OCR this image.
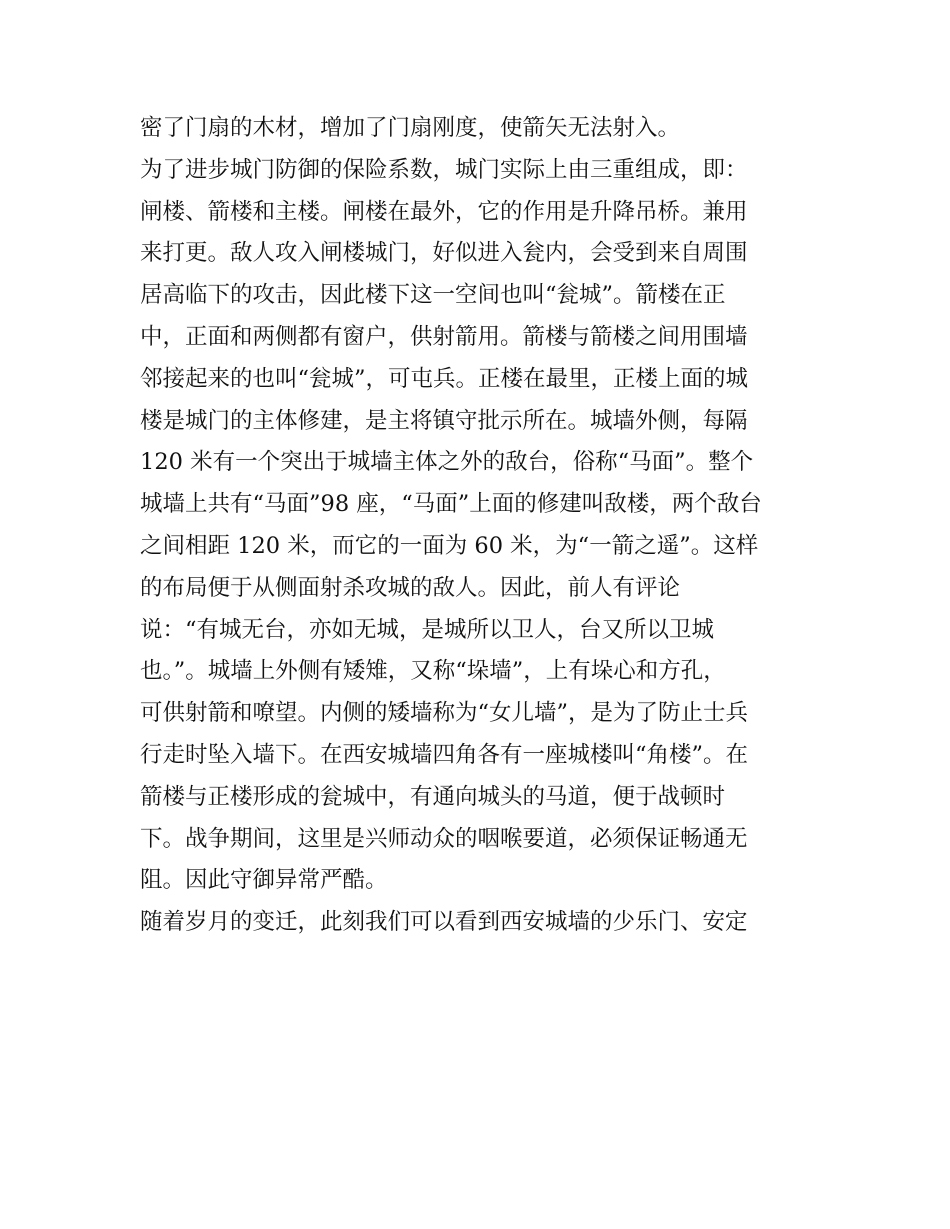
密了门扇的木材，增加了门扇刚度，使箭矢无法射入。
为了进步城门防御的保险系数，城门实际上由三重组成，即：
闸楼、箭楼和主楼。闸楼在最外，它的作用是升降吊桥。兼用
来打更。敌人攻入闸楼城门，好似进入瓮内，会受到来自周围
居高临下的攻击，因此楼下这一空间也叫“瓮城”。箭楼在正
中，正面和两侧都有窗户，供射箭用。箭楼与箭楼之间用围墙
邻接起来的也叫“瓮城”，可屯兵。正楼在最里，正楼上面的城
楼是城门的主体修建，是主将镇守批示所在。城墙外侧，每隔
120 米有一个突出于城墙主体之外的敌台，俗称“马面”。整个
城墙上共有“马面”98 座，“马面”上面的修建叫敌楼，两个敌台
之间相距 120 米，而它的一面为 60 米，为“一箭之遥”。这样
的布局便于从侧面射杀攻城的敌人。因此，前人有评论
说：“有城无台，亦如无城，是城所以卫人，台又所以卫城
也。”。城墙上外侧有矮雉，又称“垛墙”，上有垛心和方孔，
可供射箭和嘹望。内侧的矮墙称为“女儿墙”，是为了防止士兵
行走时坠入墙下。在西安城墙四角各有一座城楼叫“角楼”。在
箭楼与正楼形成的瓮城中，有通向城头的马道，便于战顿时
下。战争期间，这里是兴师动众的咽喉要道，必须保证畅通无
阻。因此守御异常严酷。
随着岁月的变迁，此刻我们可以看到西安城墙的少乐门、安定
